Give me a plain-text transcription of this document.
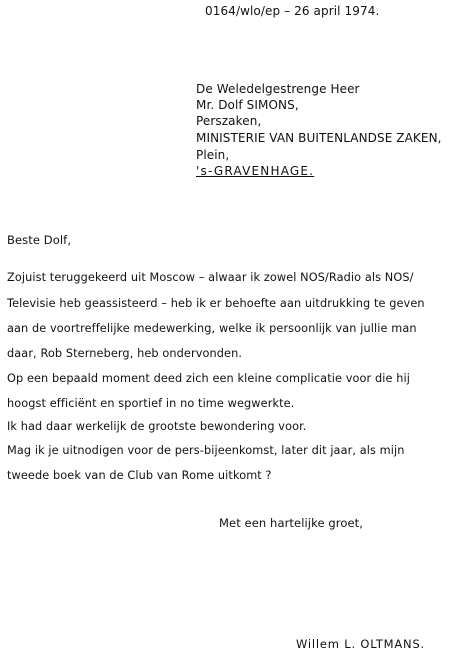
0164/wlo/ep – 26 april 1974.
De Weledelgestrenge Heer
Mr. Dolf SIMONS,
Perszaken,
MINISTERIE VAN BUITENLANDSE ZAKEN,
Plein,
's-GRAVENHAGE.
Beste Dolf,
Zojuist teruggekeerd uit Moscow – alwaar ik zowel NOS/Radio als NOS/
Televisie heb geassisteerd – heb ik er behoefte aan uitdrukking te geven
aan de voortreffelijke medewerking, welke ik persoonlijk van jullie man
daar, Rob Sterneberg, heb ondervonden.
Op een bepaald moment deed zich een kleine complicatie voor die hij
hoogst efficiënt en sportief in no time wegwerkte.
Ik had daar werkelijk de grootste bewondering voor.
Mag ik je uitnodigen voor de pers-bijeenkomst, later dit jaar, als mijn
tweede boek van de Club van Rome uitkomt ?
Met een hartelijke groet,
Willem L. OLTMANS.
